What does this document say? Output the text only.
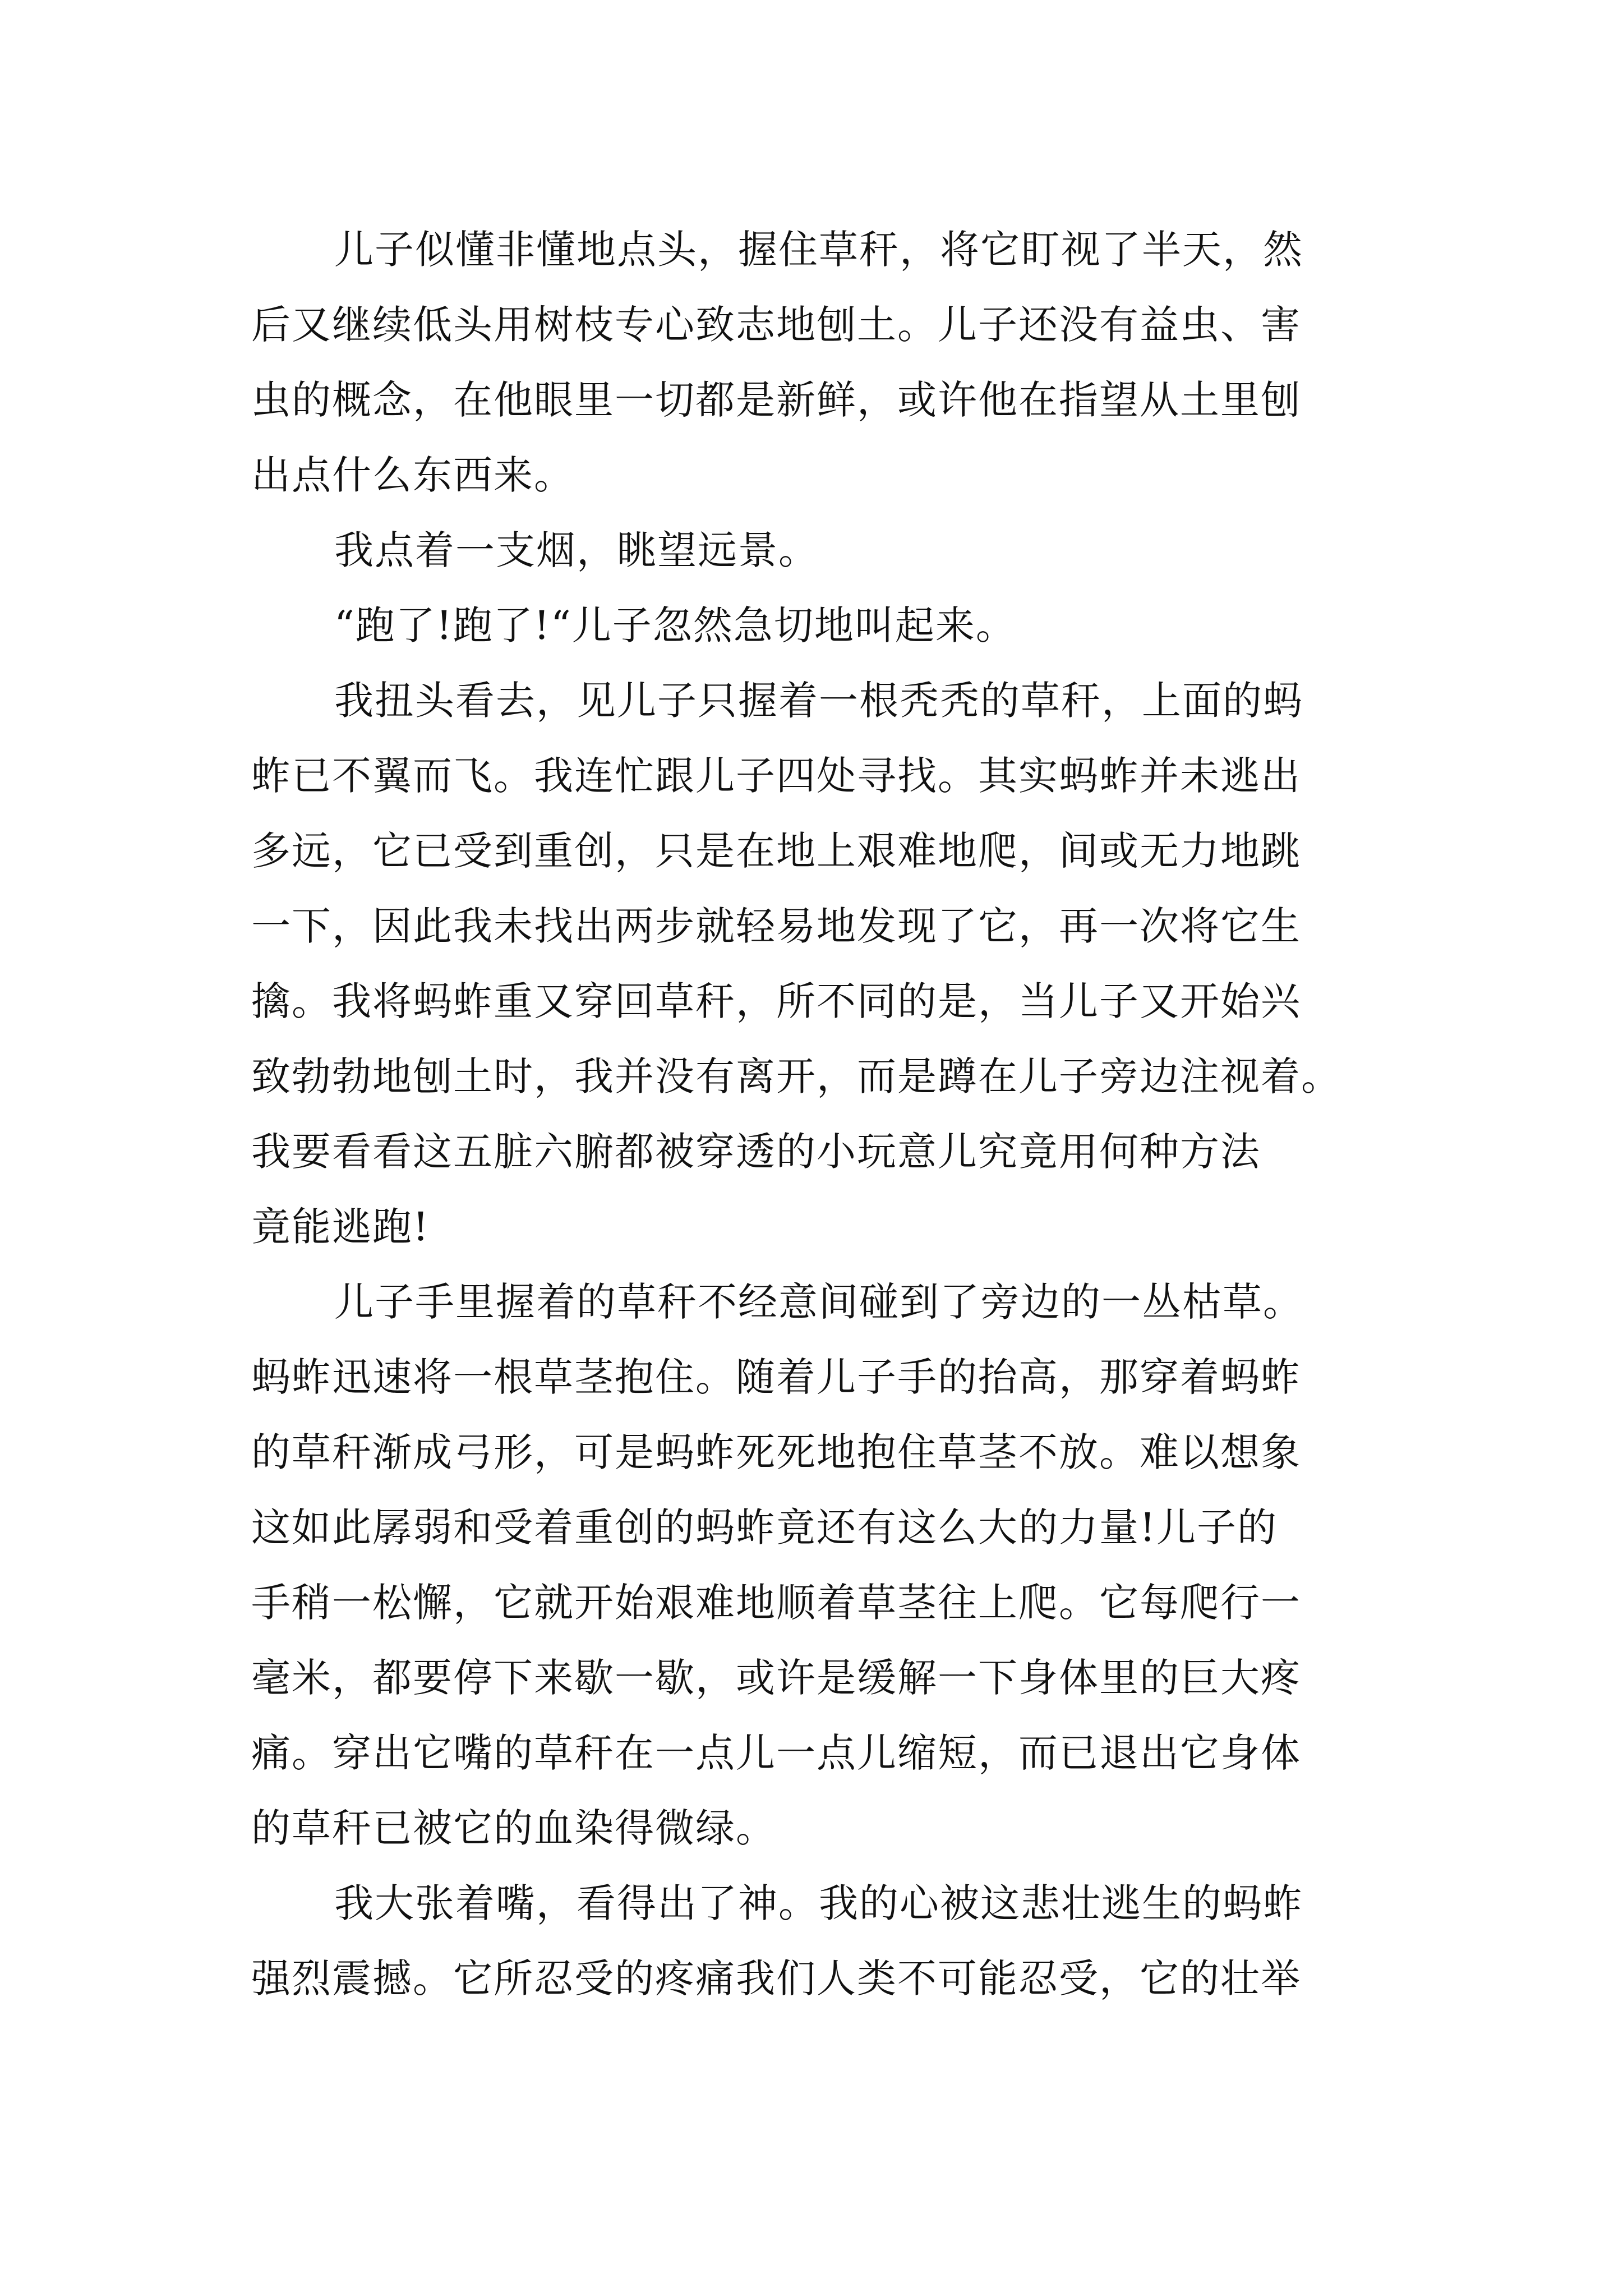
儿子似懂非懂地点头，握住草秆，将它盯视了半天，然
后又继续低头用树枝专心致志地刨土。儿子还没有益虫、害
虫的概念，在他眼里一切都是新鲜，或许他在指望从土里刨
出点什么东西来。

我点着一支烟，眺望远景。

“跑了!跑了!“儿子忽然急切地叫起来。

我扭头看去，见儿子只握着一根秃秃的草秆，上面的蚂
蚱已不翼而飞。我连忙跟儿子四处寻找。其实蚂蚱并未逃出
多远，它已受到重创，只是在地上艰难地爬，间或无力地跳
一下，因此我未找出两步就轻易地发现了它，再一次将它生
擒。我将蚂蚱重又穿回草秆，所不同的是，当儿子又开始兴
致勃勃地刨土时，我并没有离开，而是蹲在儿子旁边注视着。
我要看看这五脏六腑都被穿透的小玩意儿究竟用何种方法
竟能逃跑!

儿子手里握着的草秆不经意间碰到了旁边的一丛枯草。
蚂蚱迅速将一根草茎抱住。随着儿子手的抬高，那穿着蚂蚱
的草秆渐成弓形，可是蚂蚱死死地抱住草茎不放。难以想象
这如此孱弱和受着重创的蚂蚱竟还有这么大的力量!儿子的
手稍一松懈，它就开始艰难地顺着草茎往上爬。它每爬行一
毫米，都要停下来歇一歇，或许是缓解一下身体里的巨大疼
痛。穿出它嘴的草秆在一点儿一点儿缩短，而已退出它身体
的草秆已被它的血染得微绿。

我大张着嘴，看得出了神。我的心被这悲壮逃生的蚂蚱
强烈震撼。它所忍受的疼痛我们人类不可能忍受，它的壮举
